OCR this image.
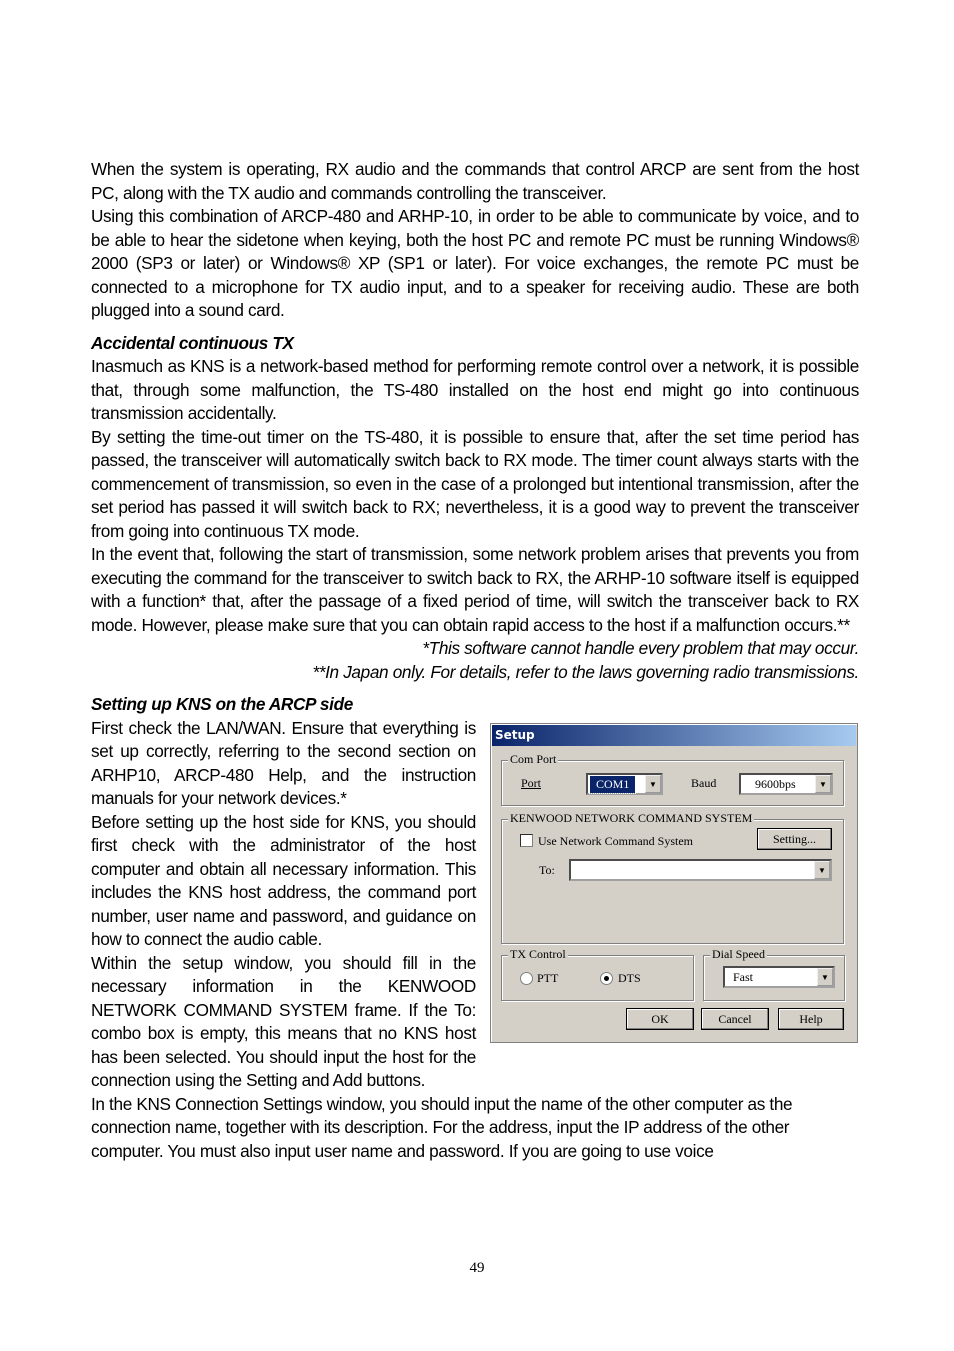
When the system is operating, RX audio and the commands that control ARCP are sent from the host PC, along with the TX audio and commands controlling the transceiver.

Using this combination of ARCP-480 and ARHP-10, in order to be able to communicate by voice, and to be able to hear the sidetone when keying, both the host PC and remote PC must be running Windows® 2000 (SP3 or later) or Windows® XP (SP1 or later). For voice exchanges, the remote PC must be connected to a microphone for TX audio input, and to a speaker for receiving audio. These are both plugged into a sound card.

Accidental continuous TX

Inasmuch as KNS is a network-based method for performing remote control over a network, it is possible that, through some malfunction, the TS-480 installed on the host end might go into continuous transmission accidentally.

By setting the time-out timer on the TS-480, it is possible to ensure that, after the set time period has passed, the transceiver will automatically switch back to RX mode. The timer count always starts with the commencement of transmission, so even in the case of a prolonged but intentional transmission, after the set period has passed it will switch back to RX; nevertheless, it is a good way to prevent the transceiver from going into continuous TX mode.

In the event that, following the start of transmission, some network problem arises that prevents you from executing the command for the transceiver to switch back to RX, the ARHP-10 software itself is equipped with a function* that, after the passage of a fixed period of time, will switch the transceiver back to RX mode. However, please make sure that you can obtain rapid access to the host if a malfunction occurs.**

*This software cannot handle every problem that may occur.

**In Japan only. For details, refer to the laws governing radio transmissions.

Setting up KNS on the ARCP side
Setup
Com Port
Port	COM1	▼	Baud	9600bps	▼
KENWOOD NETWORK COMMAND SYSTEM
Use Network Command System	Setting...
To:	▼
TX Control
PTT	DTS
Dial Speed
Fast	▼
OK	Cancel	Help

First check the LAN/WAN. Ensure that everything is set up correctly, referring to the second section on ARHP10, ARCP-480 Help, and the instruction manuals for your network devices.*

Before setting up the host side for KNS, you should first check with the administrator of the host computer and obtain all necessary information. This includes the KNS host address, the command port number, user name and password, and guidance on how to connect the audio cable.

Within the setup window, you should fill in the necessary information in the KENWOOD NETWORK COMMAND SYSTEM frame. If the To: combo box is empty, this means that no KNS host has been selected. You should input the host for the connection using the Setting and Add buttons.

In the KNS Connection Settings window, you should input the name of the other computer as the connection name, together with its description. For the address, input the IP address of the other computer. You must also input user name and password. If you are going to use voice

49
